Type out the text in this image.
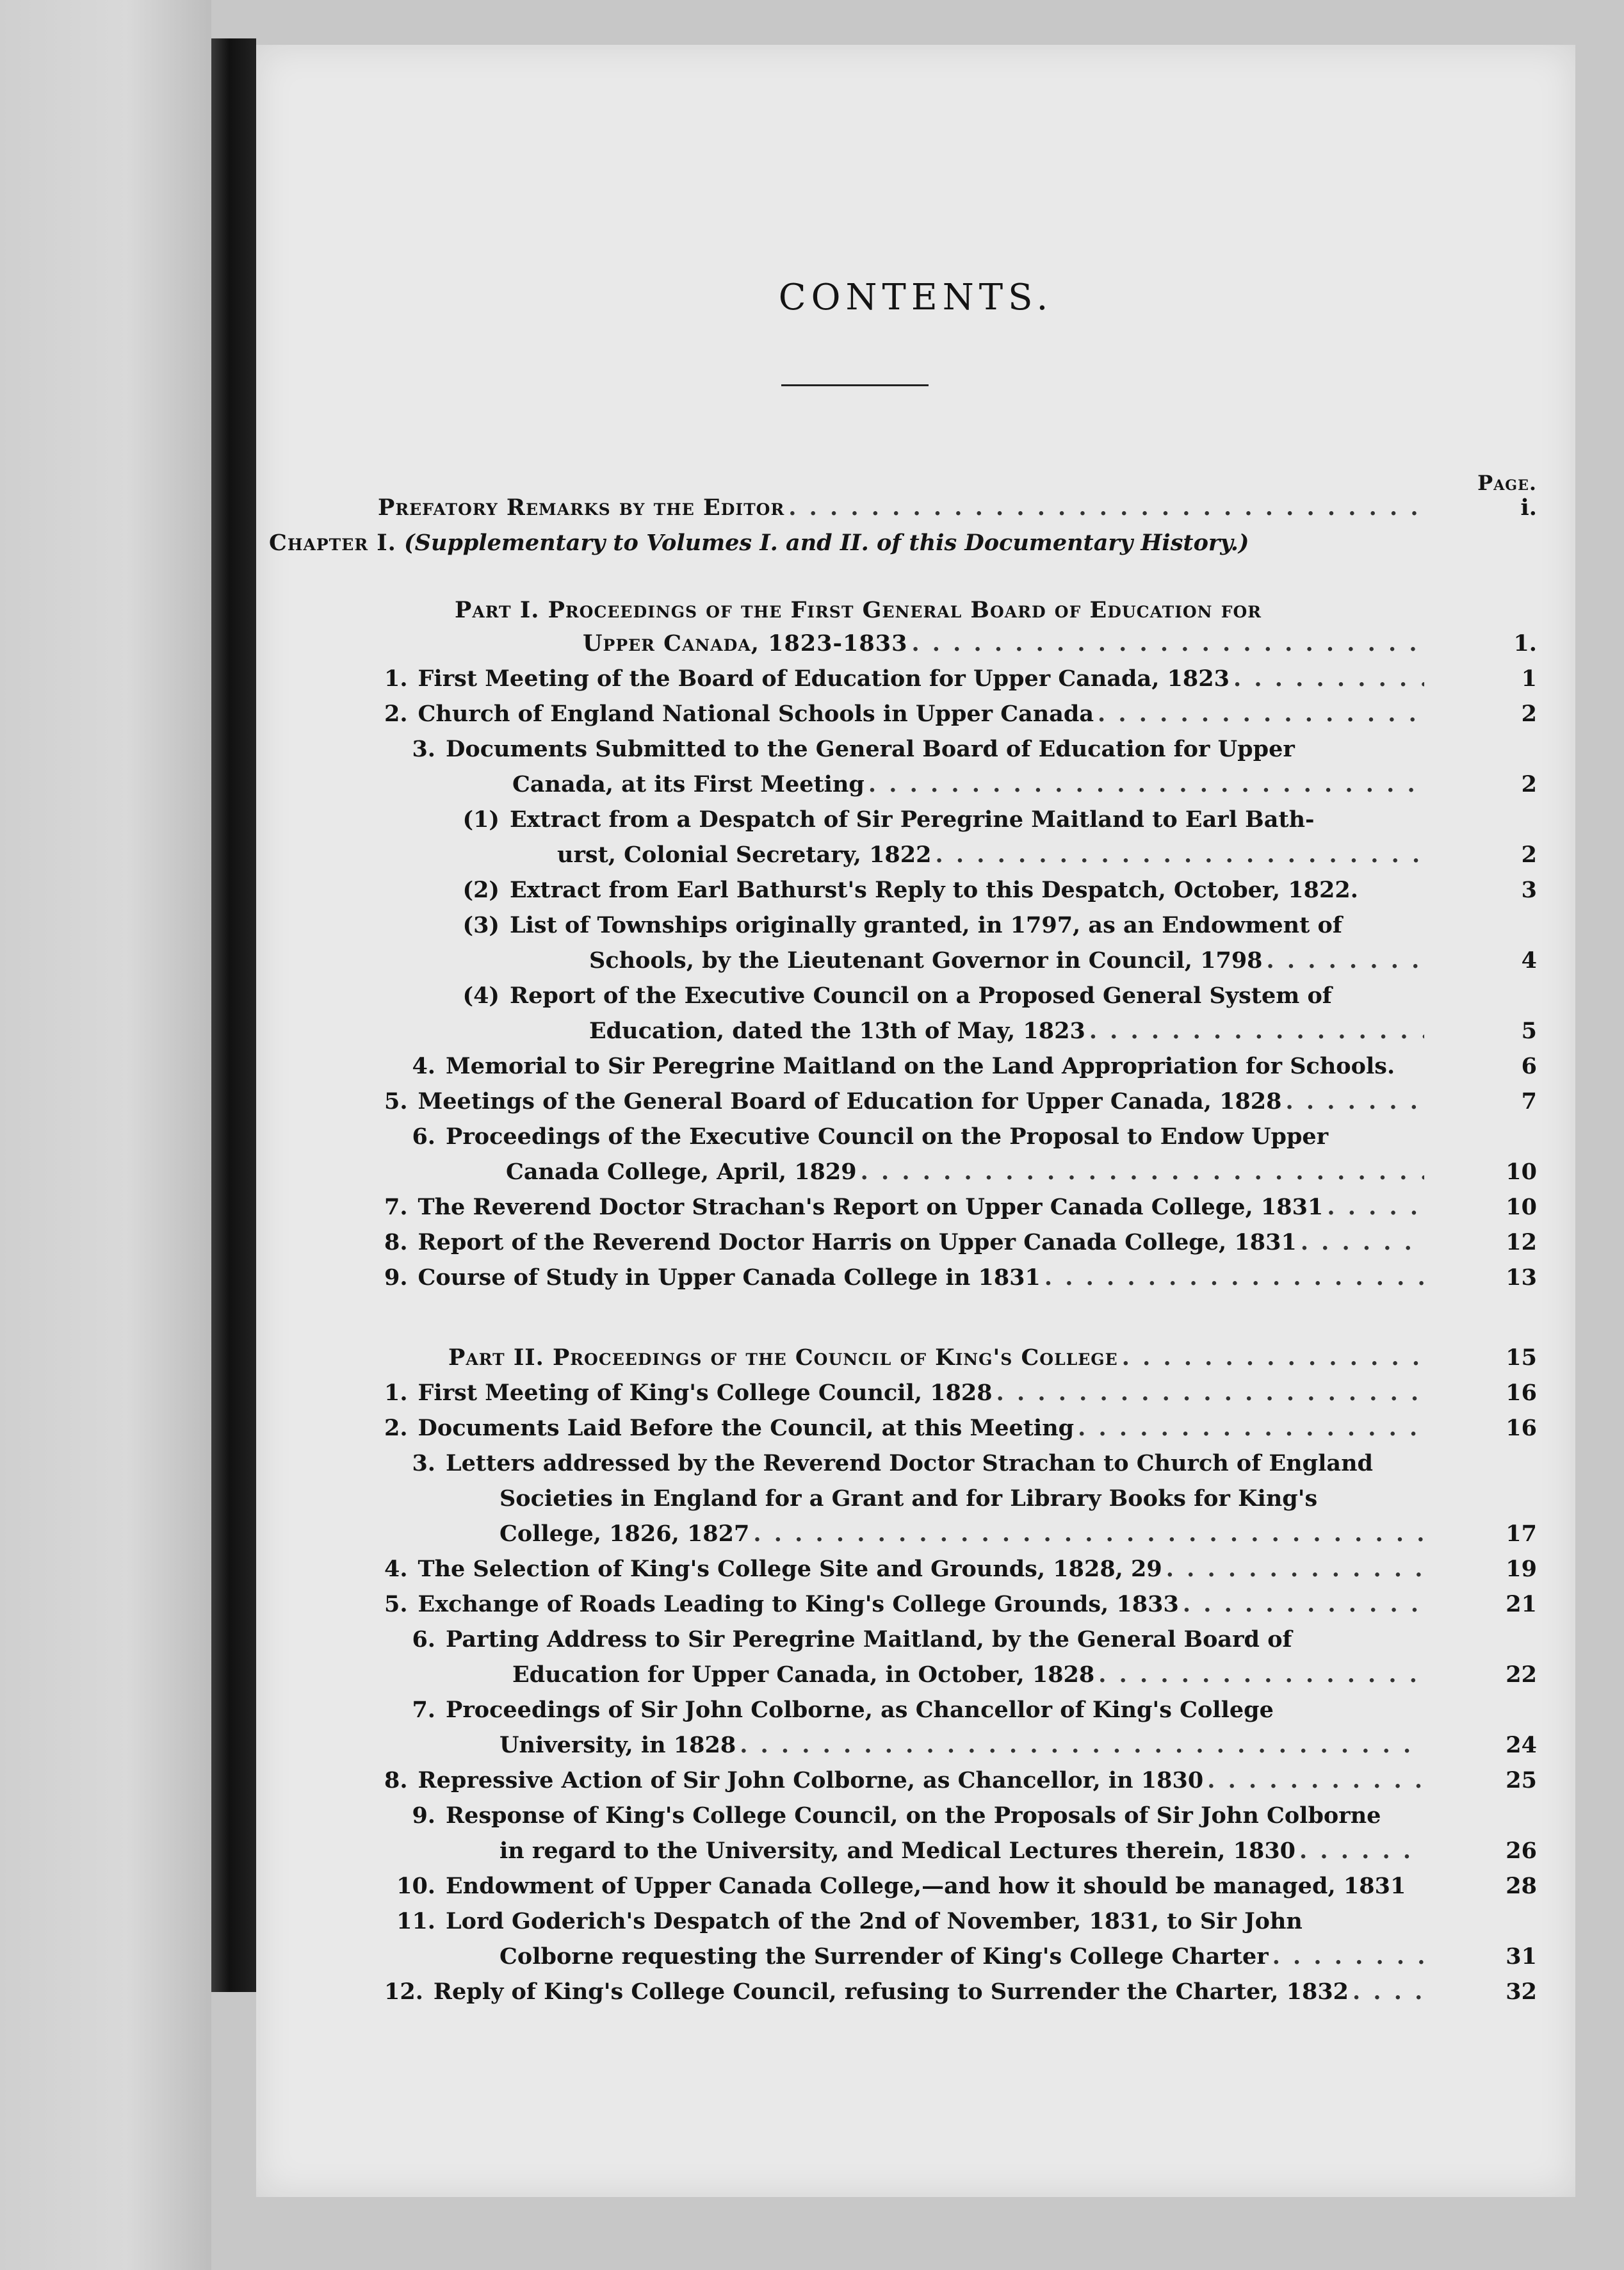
CONTENTS.
Page.
Prefatory Remarks by the Editor . . .	i.
Chapter I. (Supplementary to Volumes I. and II. of this Documentary History.)
Part I. Proceedings of the First General Board of Education for
Upper Canada, 1823-1833 . . .	1.
1. First Meeting of the Board of Education for Upper Canada, 1823 . . .	1
2. Church of England National Schools in Upper Canada . . .	2
3. Documents Submitted to the General Board of Education for Upper
Canada, at its First Meeting . . .	2
(1) Extract from a Despatch of Sir Peregrine Maitland to Earl Bath-
urst, Colonial Secretary, 1822 . . .	2
(2) Extract from Earl Bathurst's Reply to this Despatch, October, 1822.	3
(3) List of Townships originally granted, in 1797, as an Endowment of
Schools, by the Lieutenant Governor in Council, 1798 . . .	4
(4) Report of the Executive Council on a Proposed General System of
Education, dated the 13th of May, 1823 . . .	5
4. Memorial to Sir Peregrine Maitland on the Land Appropriation for Schools.	6
5. Meetings of the General Board of Education for Upper Canada, 1828 . . .	7
6. Proceedings of the Executive Council on the Proposal to Endow Upper
Canada College, April, 1829 . . .	10
7. The Reverend Doctor Strachan's Report on Upper Canada College, 1831 . . .	10
8. Report of the Reverend Doctor Harris on Upper Canada College, 1831 . . .	12
9. Course of Study in Upper Canada College in 1831 . . .	13
Part II. Proceedings of the Council of King's College . . .	15
1. First Meeting of King's College Council, 1828 . . .	16
2. Documents Laid Before the Council, at this Meeting . . .	16
3. Letters addressed by the Reverend Doctor Strachan to Church of England
Societies in England for a Grant and for Library Books for King's
College, 1826, 1827 . . .	17
4. The Selection of King's College Site and Grounds, 1828, 29 . . .	19
5. Exchange of Roads Leading to King's College Grounds, 1833 . . .	21
6. Parting Address to Sir Peregrine Maitland, by the General Board of
Education for Upper Canada, in October, 1828 . . .	22
7. Proceedings of Sir John Colborne, as Chancellor of King's College
University, in 1828 . . .	24
8. Repressive Action of Sir John Colborne, as Chancellor, in 1830 . . .	25
9. Response of King's College Council, on the Proposals of Sir John Colborne
in regard to the University, and Medical Lectures therein, 1830 . . .	26
10. Endowment of Upper Canada College,—and how it should be managed, 1831	28
11. Lord Goderich's Despatch of the 2nd of November, 1831, to Sir John
Colborne requesting the Surrender of King's College Charter . . .	31
12. Reply of King's College Council, refusing to Surrender the Charter, 1832 . . .	32
